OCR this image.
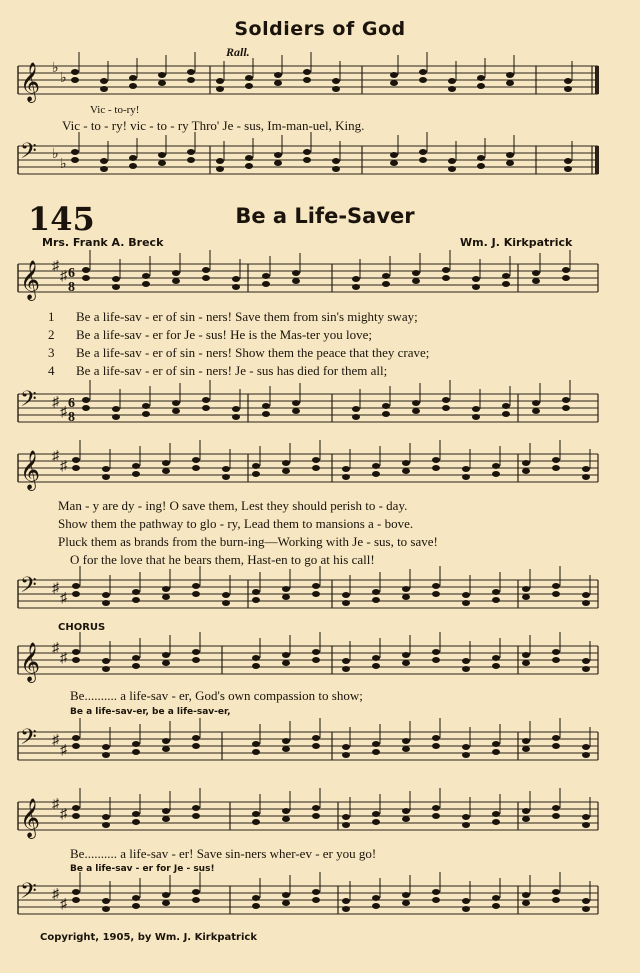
Soldiers of God
Rall.
𝄞 ♭
♭
Vic - to-ry!
Vic - to - ry! vic - to - ry Thro' Je - sus, Im-man-uel, King.
𝄢 ♭
♭
145	Be a Life-Saver
Mrs. Frank A. Breck	Wm. J. Kirkpatrick
𝄞 ♯
♯ 6
8
1 Be a life-sav - er of sin - ners! Save them from sin's mighty sway;
2 Be a life-sav - er for Je - sus! He is the Mas-ter you love;
3 Be a life-sav - er of sin - ners! Show them the peace that they crave;
4 Be a life-sav - er of sin - ners! Je - sus has died for them all;
𝄢 ♯
♯
6
8
𝄞 ♯
♯
Man - y are dy - ing! O save them, Lest they should perish to - day.
Show them the pathway to glo - ry, Lead them to mansions a - bove.
Pluck them as brands from the burn-ing—Working with Je - sus, to save!
O for the love that he bears them, Hast-en to go at his call!
𝄢 ♯
♯
CHORUS
𝄞 ♯
♯
Be.......... a life-sav - er, God's own compassion to show;
Be a life-sav-er, be a life-sav-er,
𝄢 ♯
♯
𝄞 ♯
♯
Be.......... a life-sav - er! Save sin-ners wher-ev - er you go!
Be a life-sav - er for Je - sus!
𝄢 ♯
♯
Copyright, 1905, by Wm. J. Kirkpatrick
